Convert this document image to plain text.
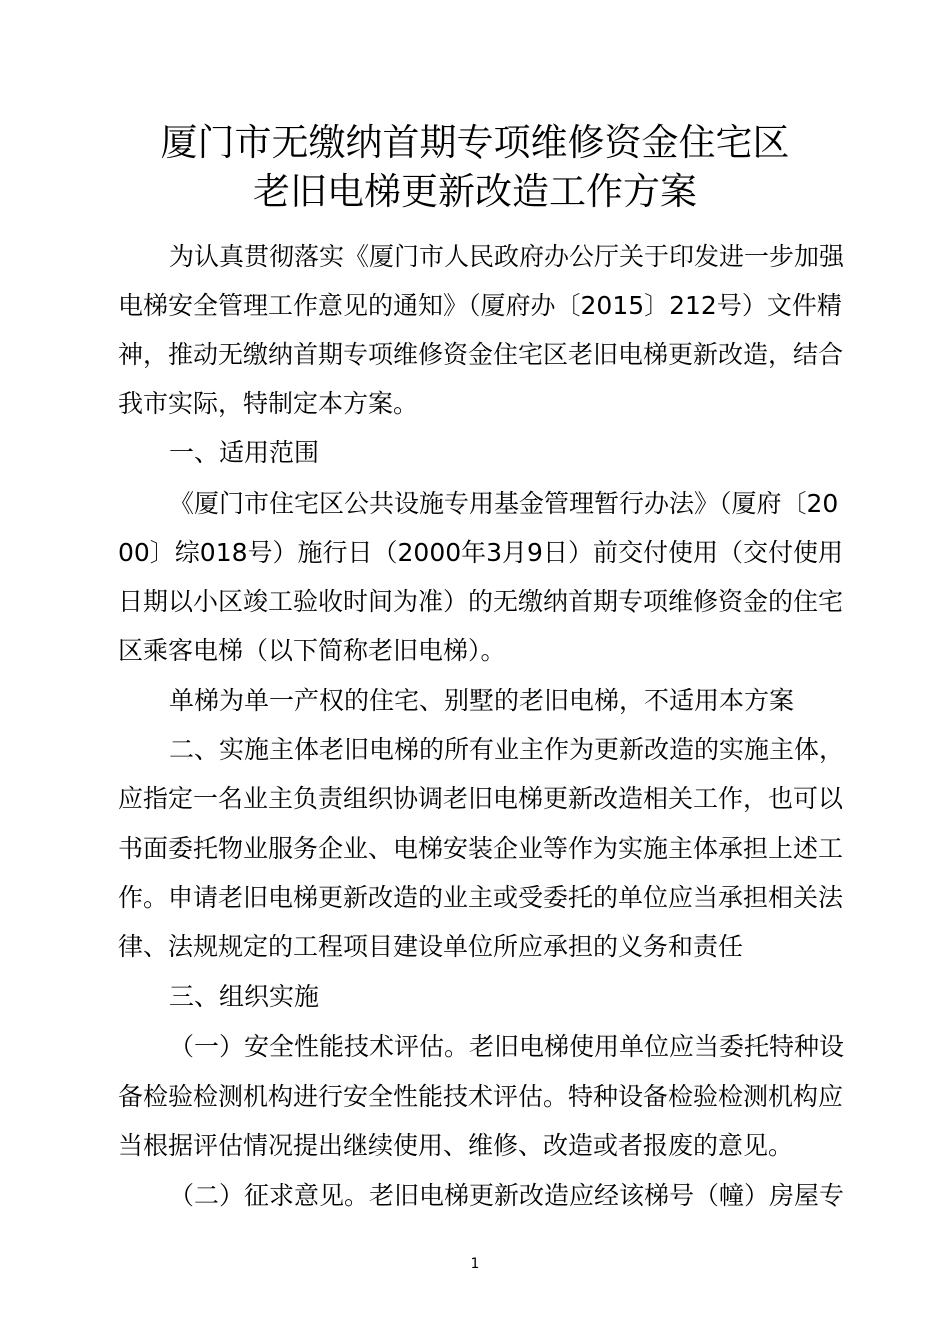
厦门市无缴纳首期专项维修资金住宅区
老旧电梯更新改造工作方案

为认真贯彻落实《厦门市人民政府办公厅关于印发进一步加强

电梯安全管理工作意见的通知》（厦府办〔2015〕212号）文件精

神，推动无缴纳首期专项维修资金住宅区老旧电梯更新改造，结合

我市实际，特制定本方案。

一、适用范围

《厦门市住宅区公共设施专用基金管理暂行办法》（厦府〔20

00〕综018号）施行日（2000年3月9日）前交付使用（交付使用

日期以小区竣工验收时间为准）的无缴纳首期专项维修资金的住宅

区乘客电梯（以下简称老旧电梯）。

单梯为单一产权的住宅、别墅的老旧电梯，不适用本方案

二、实施主体老旧电梯的所有业主作为更新改造的实施主体，

应指定一名业主负责组织协调老旧电梯更新改造相关工作，也可以

书面委托物业服务企业、电梯安装企业等作为实施主体承担上述工

作。申请老旧电梯更新改造的业主或受委托的单位应当承担相关法

律、法规规定的工程项目建设单位所应承担的义务和责任

三、组织实施

（一）安全性能技术评估。老旧电梯使用单位应当委托特种设

备检验检测机构进行安全性能技术评估。特种设备检验检测机构应

当根据评估情况提出继续使用、维修、改造或者报废的意见。

（二）征求意见。老旧电梯更新改造应经该梯号（幢）房屋专

1
